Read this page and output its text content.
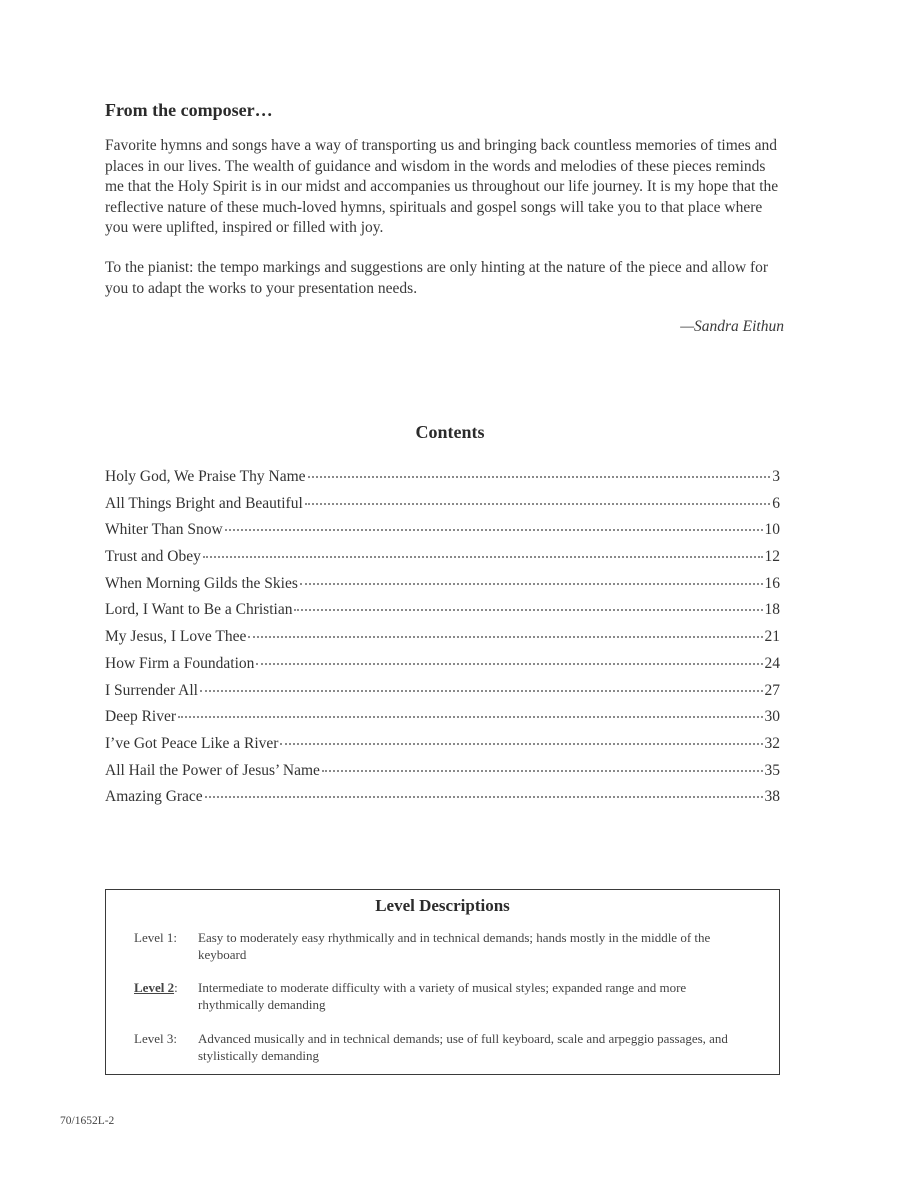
From the composer…
Favorite hymns and songs have a way of transporting us and bringing back countless memories of times and places in our lives. The wealth of guidance and wisdom in the words and melodies of these pieces reminds me that the Holy Spirit is in our midst and accompanies us throughout our life journey. It is my hope that the reflective nature of these much-loved hymns, spirituals and gospel songs will take you to that place where you were uplifted, inspired or filled with joy.
To the pianist: the tempo markings and suggestions are only hinting at the nature of the piece and allow for you to adapt the works to your presentation needs.
—Sandra Eithun
Contents
Holy God, We Praise Thy Name	3
All Things Bright and Beautiful	6
Whiter Than Snow	10
Trust and Obey	12
When Morning Gilds the Skies	16
Lord, I Want to Be a Christian	18
My Jesus, I Love Thee	21
How Firm a Foundation	24
I Surrender All	27
Deep River	30
I’ve Got Peace Like a River	32
All Hail the Power of Jesus’ Name	35
Amazing Grace	38
Level Descriptions
Level 1:	Easy to moderately easy rhythmically and in technical demands; hands mostly in the middle of the keyboard
Level 2:	Intermediate to moderate difficulty with a variety of musical styles; expanded range and more rhythmically demanding
Level 3:	Advanced musically and in technical demands; use of full keyboard, scale and arpeggio passages, and stylistically demanding
70/1652L-2
